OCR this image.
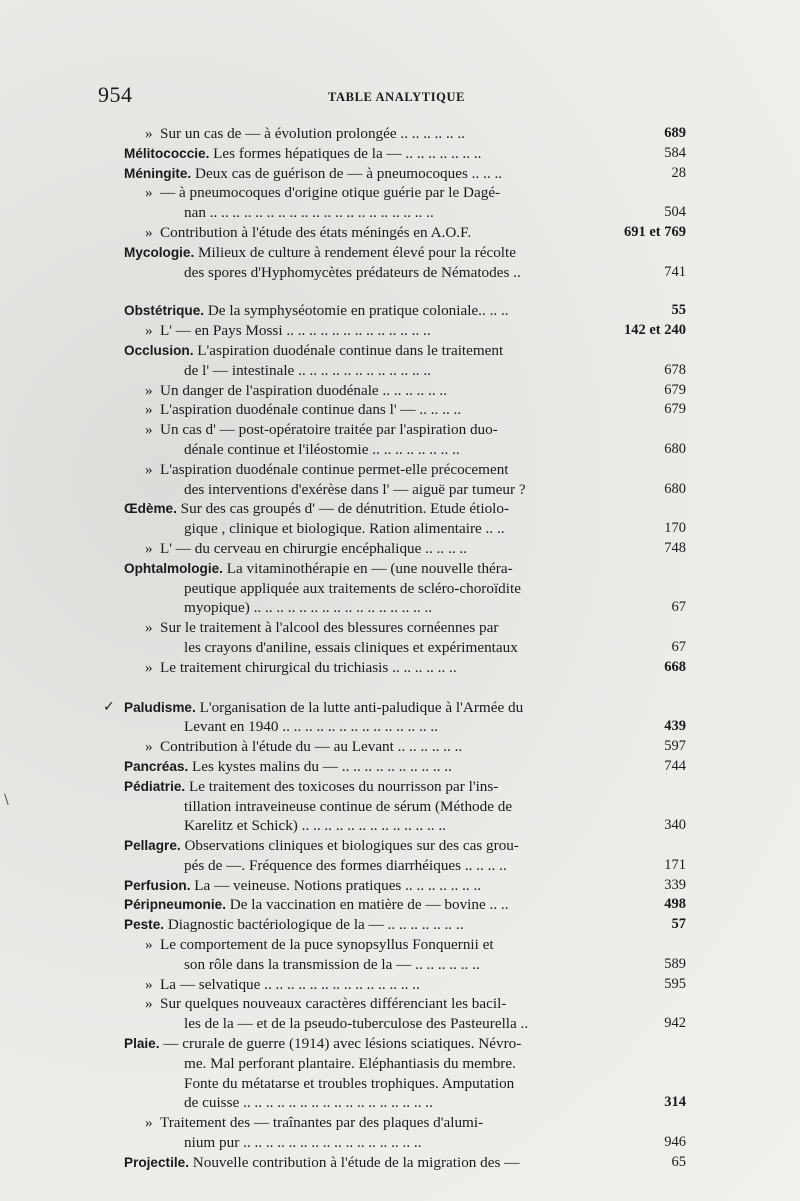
954	TABLE ANALYTIQUE
\
» Sur un cas de — à évolution prolongée .. .. .. .. .. ..	689
Mélitococcie. Les formes hépatiques de la — .. .. .. .. .. .. ..	584
Méningite. Deux cas de guérison de — à pneumocoques .. .. ..	28
» — à pneumocoques d'origine otique guérie par le Dagé-
nan .. .. .. .. .. .. .. .. .. .. .. .. .. .. .. .. .. .. .. ..	504
» Contribution à l'étude des états méningés en A.O.F.	691 et 769
Mycologie. Milieux de culture à rendement élevé pour la récolte
des spores d'Hyphomycètes prédateurs de Nématodes ..	741
Obstétrique. De la symphyséotomie en pratique coloniale.. .. ..	55
» L' — en Pays Mossi .. .. .. .. .. .. .. .. .. .. .. .. ..	142 et 240
Occlusion. L'aspiration duodénale continue dans le traitement
de l' — intestinale .. .. .. .. .. .. .. .. .. .. .. ..	678
» Un danger de l'aspiration duodénale .. .. .. .. .. ..	679
» L'aspiration duodénale continue dans l' — .. .. .. ..	679
» Un cas d' — post-opératoire traitée par l'aspiration duo-
dénale continue et l'iléostomie .. .. .. .. .. .. .. ..	680
» L'aspiration duodénale continue permet-elle précocement
des interventions d'exérèse dans l' — aiguë par tumeur ?	680
Œdème. Sur des cas groupés d' — de dénutrition. Etude étiolo-
gique , clinique et biologique. Ration alimentaire .. ..	170
» L' — du cerveau en chirurgie encéphalique .. .. .. ..	748
Ophtalmologie. La vitaminothérapie en — (une nouvelle théra-
peutique appliquée aux traitements de scléro-choroïdite
myopique) .. .. .. .. .. .. .. .. .. .. .. .. .. .. .. ..	67
» Sur le traitement à l'alcool des blessures cornéennes par
les crayons d'aniline, essais cliniques et expérimentaux	67
» Le traitement chirurgical du trichiasis .. .. .. .. .. ..	668
✓ Paludisme. L'organisation de la lutte anti-paludique à l'Armée du
Levant en 1940 .. .. .. .. .. .. .. .. .. .. .. .. .. ..	439
» Contribution à l'étude du — au Levant .. .. .. .. .. ..	597
Pancréas. Les kystes malins du — .. .. .. .. .. .. .. .. .. ..	744
Pédiatrie. Le traitement des toxicoses du nourrisson par l'ins-
tillation intraveineuse continue de sérum (Méthode de
Karelitz et Schick) .. .. .. .. .. .. .. .. .. .. .. .. ..	340
Pellagre. Observations cliniques et biologiques sur des cas grou-
pés de —. Fréquence des formes diarrhéiques .. .. .. ..	171
Perfusion. La — veineuse. Notions pratiques .. .. .. .. .. .. ..	339
Péripneumonie. De la vaccination en matière de — bovine .. ..	498
Peste. Diagnostic bactériologique de la — .. .. .. .. .. .. ..	57
» Le comportement de la puce synopsyllus Fonquernii et
son rôle dans la transmission de la — .. .. .. .. .. ..	589
» La — selvatique .. .. .. .. .. .. .. .. .. .. .. .. .. ..	595
» Sur quelques nouveaux caractères différenciant les bacil-
les de la — et de la pseudo-tuberculose des Pasteurella ..	942
Plaie. — crurale de guerre (1914) avec lésions sciatiques. Névro-
me. Mal perforant plantaire. Eléphantiasis du membre.
Fonte du métatarse et troubles trophiques. Amputation
de cuisse .. .. .. .. .. .. .. .. .. .. .. .. .. .. .. .. ..	314
» Traitement des — traînantes par des plaques d'alumi-
nium pur .. .. .. .. .. .. .. .. .. .. .. .. .. .. .. ..	946
Projectile. Nouvelle contribution à l'étude de la migration des —	65
